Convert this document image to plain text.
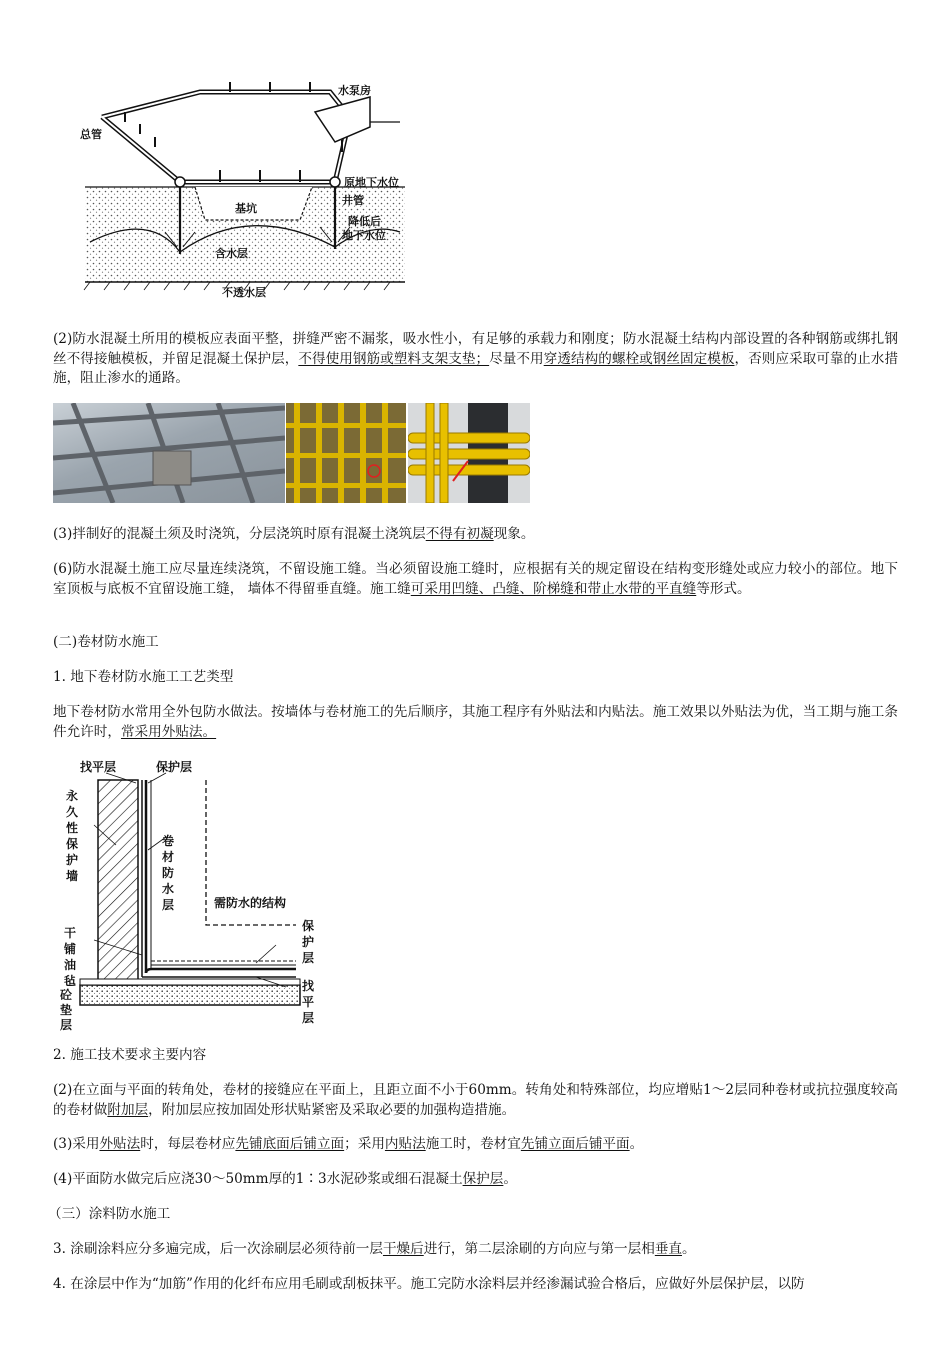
水泵房
总管
原地下水位
井管
基坑
降低后
地下水位
含水层
不透水层

(2)防水混凝土所用的模板应表面平整，拼缝严密不漏浆，吸水性小，有足够的承载力和刚度；防水混凝土结构内部设置的各种钢筋或绑扎钢丝不得接触模板，并留足混凝土保护层，不得使用钢筋或塑料支架支垫；尽量不用穿透结构的螺栓或钢丝固定模板，否则应采取可靠的止水措施，阻止渗水的通路。

(3)拌制好的混凝土须及时浇筑，分层浇筑时原有混凝土浇筑层不得有初凝现象。

(6)防水混凝土施工应尽量连续浇筑，不留设施工缝。当必须留设施工缝时，应根据有关的规定留设在结构变形缝处或应力较小的部位。地下室顶板与底板不宜留设施工缝， 墙体不得留垂直缝。施工缝可采用凹缝、凸缝、阶梯缝和带止水带的平直缝等形式。

(二)卷材防水施工

1. 地下卷材防水施工工艺类型

地下卷材防水常用全外包防水做法。按墙体与卷材施工的先后顺序，其施工程序有外贴法和内贴法。施工效果以外贴法为优，当工期与施工条件允许时，常采用外贴法。

找平层	保护层
永
久
性
保
护
墙
卷
材
防
水
层	需防水的结构
干
铺
油
毡
砼
垫
层
保
护
层
找
平
层

2. 施工技术要求主要内容

(2)在立面与平面的转角处，卷材的接缝应在平面上，且距立面不小于60mm。转角处和特殊部位，均应增贴1～2层同种卷材或抗拉强度较高的卷材做附加层，附加层应按加固处形状贴紧密及采取必要的加强构造措施。

(3)采用外贴法时，每层卷材应先铺底面后铺立面；采用内贴法施工时，卷材宜先铺立面后铺平面。

(4)平面防水做完后应浇30～50mm厚的1∶3水泥砂浆或细石混凝土保护层。

（三）涂料防水施工

3. 涂刷涂料应分多遍完成，后一次涂刷层必须待前一层干燥后进行，第二层涂刷的方向应与第一层相垂直。

4. 在涂层中作为“加筋”作用的化纤布应用毛刷或刮板抹平。施工完防水涂料层并经渗漏试验合格后，应做好外层保护层，以防
